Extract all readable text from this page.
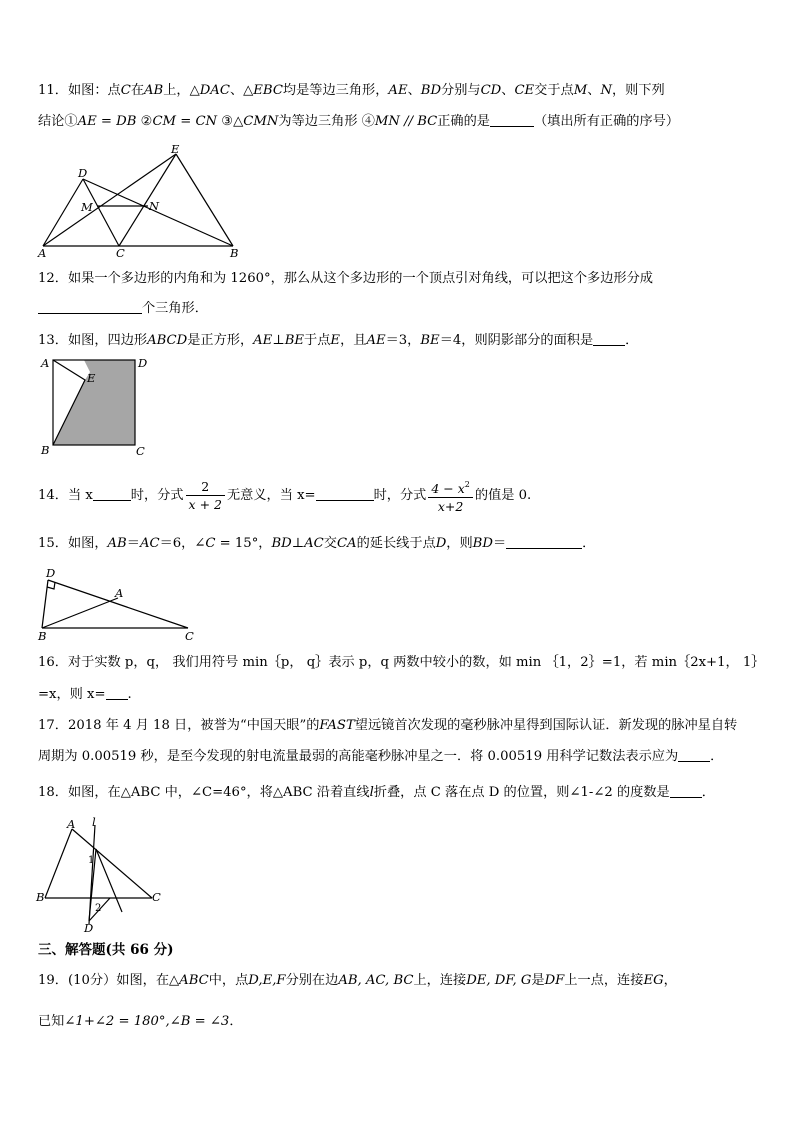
11．如图：点C在AB上，△DAC、△EBC均是等边三角形，AE、BD分别与CD、CE交于点M、N，则下列
结论①AE = DB ②CM = CN ③△CMN为等边三角形 ④MN // BC正确的是	（填出所有正确的序号）
E
D
M	N
A	C	B
12．如果一个多边形的内角和为 1260°，那么从这个多边形的一个顶点引对角线，可以把这个多边形分成
个三角形．
13．如图，四边形ABCD是正方形，AE⊥BE于点E，且AE＝3，BE＝4，则阴影部分的面积是 ．
A	D
E
B	C
14．当 x	时，分式 $\frac{2}{x + 2}$ 无意义，当 x=	时，分式 $\frac{4 - x^2}{x+2}$ 的值是 0.
15．如图，AB＝AC＝6，∠C = 15°，BD⊥AC交CA的延长线于点D，则BD＝	．
D
A
B	C
16．对于实数 p，q， 我们用符号 min｛p， q｝表示 p，q 两数中较小的数，如 min ｛1，2｝=1，若 min｛2x+1， 1｝
=x，则 x= .
17．2018 年 4 月 18 日，被誉为“中国天眼”的FAST望远镜首次发现的毫秒脉冲星得到国际认证．新发现的脉冲星自转
周期为 0.00519 秒，是至今发现的射电流量最弱的高能毫秒脉冲星之一．将 0.00519 用科学记数法表示应为 ．
18．如图，在△ABC 中，∠C=46°，将△ABC 沿着直线l折叠，点 C 落在点 D 的位置，则∠1-∠2 的度数是 ．
A l
1
B	C
2
D
三、解答题(共 66 分)
19．(10分）如图，在△ABC中，点D,E,F分别在边AB, AC, BC上，连接DE, DF, G是DF上一点，连接EG，
已知∠1+∠2 = 180°,∠B = ∠3．
